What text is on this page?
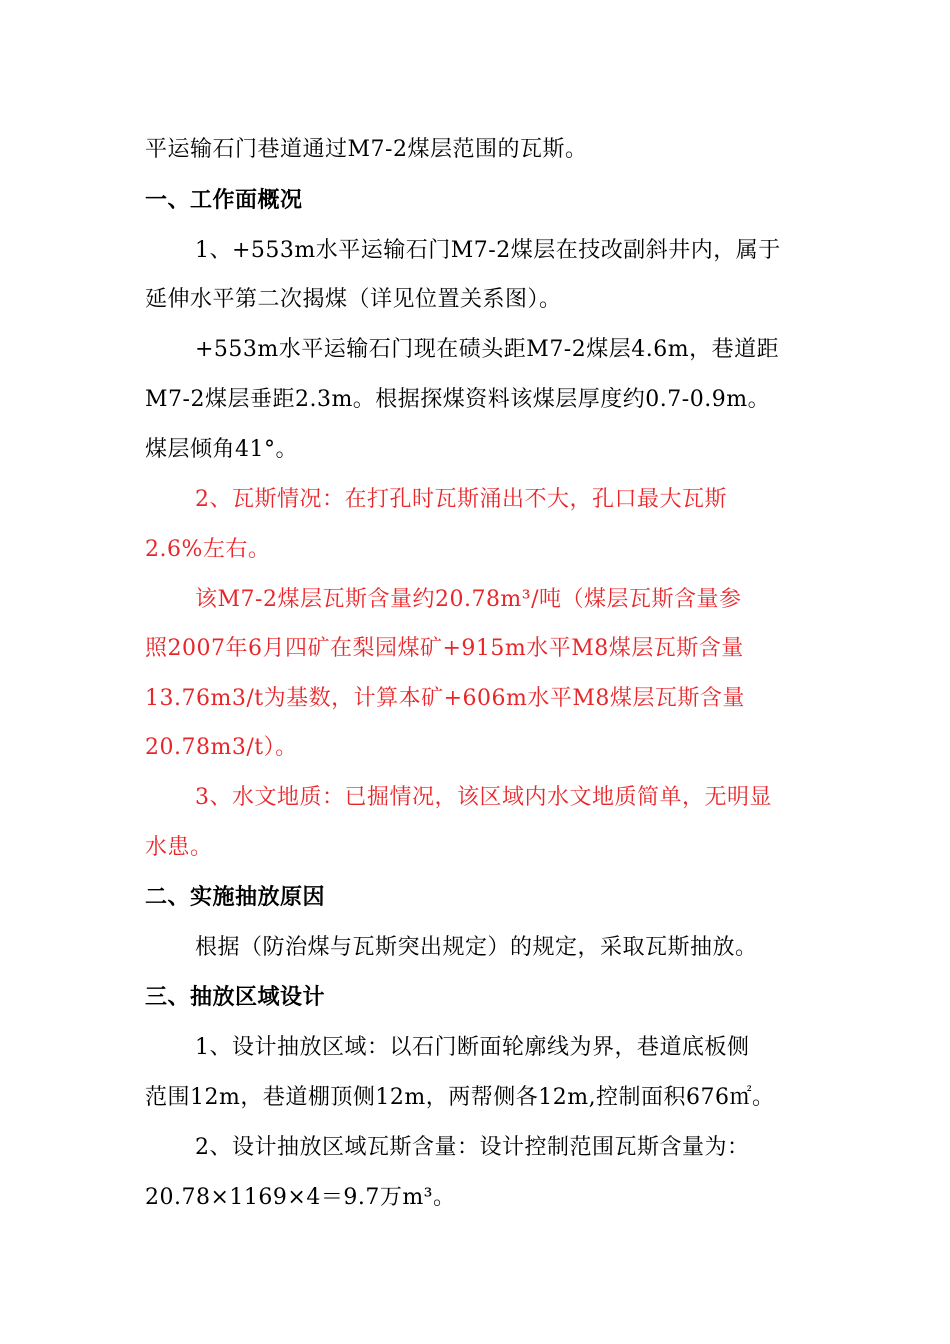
平运输石门巷道通过M7-2煤层范围的瓦斯。
一、工作面概况
1、+553m水平运输石门M7-2煤层在技改副斜井内，属于
延伸水平第二次揭煤（详见位置关系图）。
+553m水平运输石门现在碛头距M7-2煤层4.6m，巷道距
M7-2煤层垂距2.3m。根据探煤资料该煤层厚度约0.7-0.9m。
煤层倾角41°。
2、瓦斯情况：在打孔时瓦斯涌出不大，孔口最大瓦斯
2.6%左右。
该M7-2煤层瓦斯含量约20.78m³/吨（煤层瓦斯含量参
照2007年6月四矿在梨园煤矿+915m水平M8煤层瓦斯含量
13.76m3/t为基数，计算本矿+606m水平M8煤层瓦斯含量
20.78m3/t）。
3、水文地质：已掘情况，该区域内水文地质简单，无明显
水患。
二、实施抽放原因
根据（防治煤与瓦斯突出规定）的规定，采取瓦斯抽放。
三、抽放区域设计
1、设计抽放区域：以石门断面轮廓线为界，巷道底板侧
范围12m，巷道棚顶侧12m，两帮侧各12m,控制面积676㎡。
2、设计抽放区域瓦斯含量：设计控制范围瓦斯含量为：
20.78×1169×4＝9.7万m³。
